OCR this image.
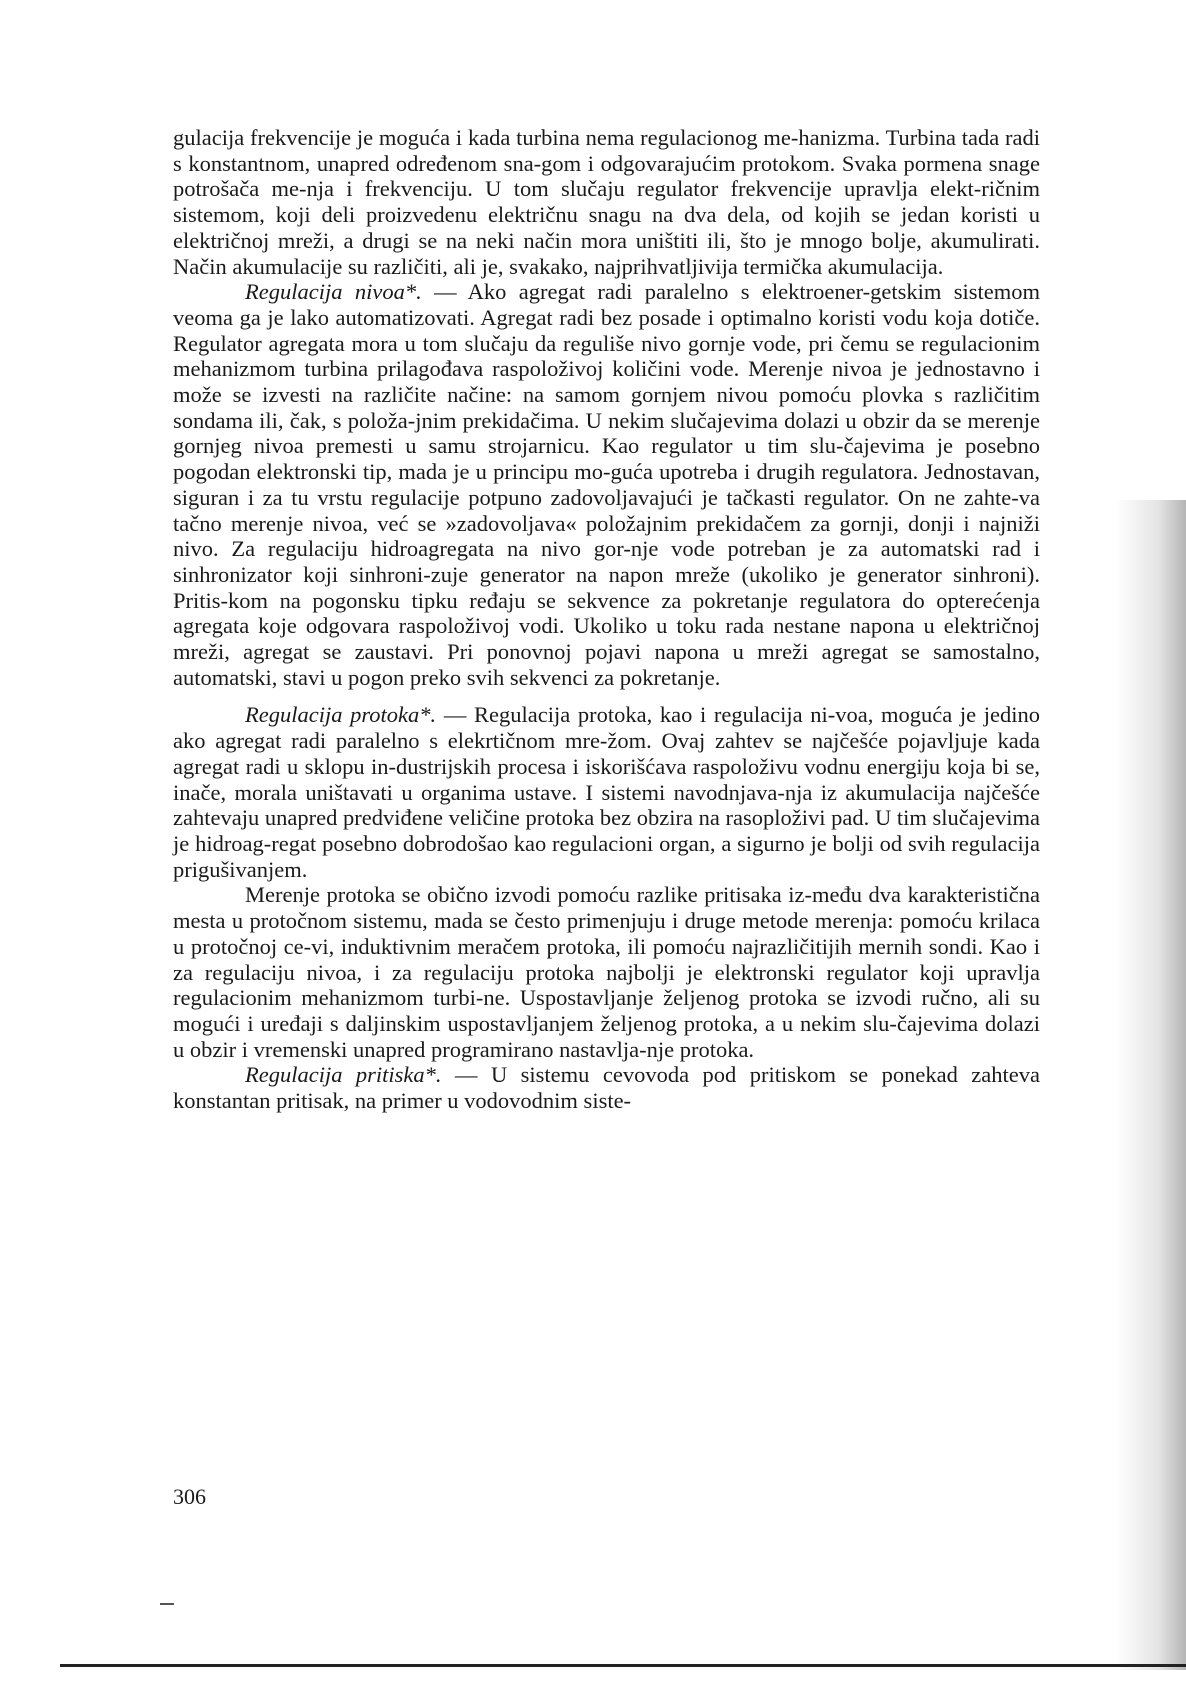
gulacija frekvencije je moguća i kada turbina nema regulacionog me-hanizma. Turbina tada radi s konstantnom, unapred određenom sna-gom i odgovarajućim protokom. Svaka pormena snage potrošača me-nja i frekvenciju. U tom slučaju regulator frekvencije upravlja elekt-ričnim sistemom, koji deli proizvedenu električnu snagu na dva dela, od kojih se jedan koristi u električnoj mreži, a drugi se na neki način mora uništiti ili, što je mnogo bolje, akumulirati. Način akumulacije su različiti, ali je, svakako, najprihvatljivija termička akumulacija.

Regulacija nivoa*. — Ako agregat radi paralelno s elektroener-getskim sistemom veoma ga je lako automatizovati. Agregat radi bez posade i optimalno koristi vodu koja dotiče. Regulator agregata mora u tom slučaju da reguliše nivo gornje vode, pri čemu se regulacionim mehanizmom turbina prilagođava raspoloživoj količini vode. Merenje nivoa je jednostavno i može se izvesti na različite načine: na samom gornjem nivou pomoću plovka s različitim sondama ili, čak, s položa-jnim prekidačima. U nekim slučajevima dolazi u obzir da se merenje gornjeg nivoa premesti u samu strojarnicu. Kao regulator u tim slu-čajevima je posebno pogodan elektronski tip, mada je u principu mo-guća upotreba i drugih regulatora. Jednostavan, siguran i za tu vrstu regulacije potpuno zadovoljavajući je tačkasti regulator. On ne zahte-va tačno merenje nivoa, već se »zadovoljava« položajnim prekidačem za gornji, donji i najniži nivo. Za regulaciju hidroagregata na nivo gor-nje vode potreban je za automatski rad i sinhronizator koji sinhroni-zuje generator na napon mreže (ukoliko je generator sinhroni). Pritis-kom na pogonsku tipku ređaju se sekvence za pokretanje regulatora do opterećenja agregata koje odgovara raspoloživoj vodi. Ukoliko u toku rada nestane napona u električnoj mreži, agregat se zaustavi. Pri ponovnoj pojavi napona u mreži agregat se samostalno, automatski, stavi u pogon preko svih sekvenci za pokretanje.

Regulacija protoka*. — Regulacija protoka, kao i regulacija ni-voa, moguća je jedino ako agregat radi paralelno s elekrtičnom mre-žom. Ovaj zahtev se najčešće pojavljuje kada agregat radi u sklopu in-dustrijskih procesa i iskorišćava raspoloživu vodnu energiju koja bi se, inače, morala uništavati u organima ustave. I sistemi navodnjava-nja iz akumulacija najčešće zahtevaju unapred predviđene veličine protoka bez obzira na rasoploživi pad. U tim slučajevima je hidroag-regat posebno dobrodošao kao regulacioni organ, a sigurno je bolji od svih regulacija prigušivanjem.

Merenje protoka se obično izvodi pomoću razlike pritisaka iz-među dva karakteristična mesta u protočnom sistemu, mada se često primenjuju i druge metode merenja: pomoću krilaca u protočnoj ce-vi, induktivnim meračem protoka, ili pomoću najrazličitijih mernih sondi. Kao i za regulaciju nivoa, i za regulaciju protoka najbolji je elektronski regulator koji upravlja regulacionim mehanizmom turbi-ne. Uspostavljanje željenog protoka se izvodi ručno, ali su mogući i uređaji s daljinskim uspostavljanjem željenog protoka, a u nekim slu-čajevima dolazi u obzir i vremenski unapred programirano nastavlja-nje protoka.

Regulacija pritiska*. — U sistemu cevovoda pod pritiskom se ponekad zahteva konstantan pritisak, na primer u vodovodnim siste-

306
